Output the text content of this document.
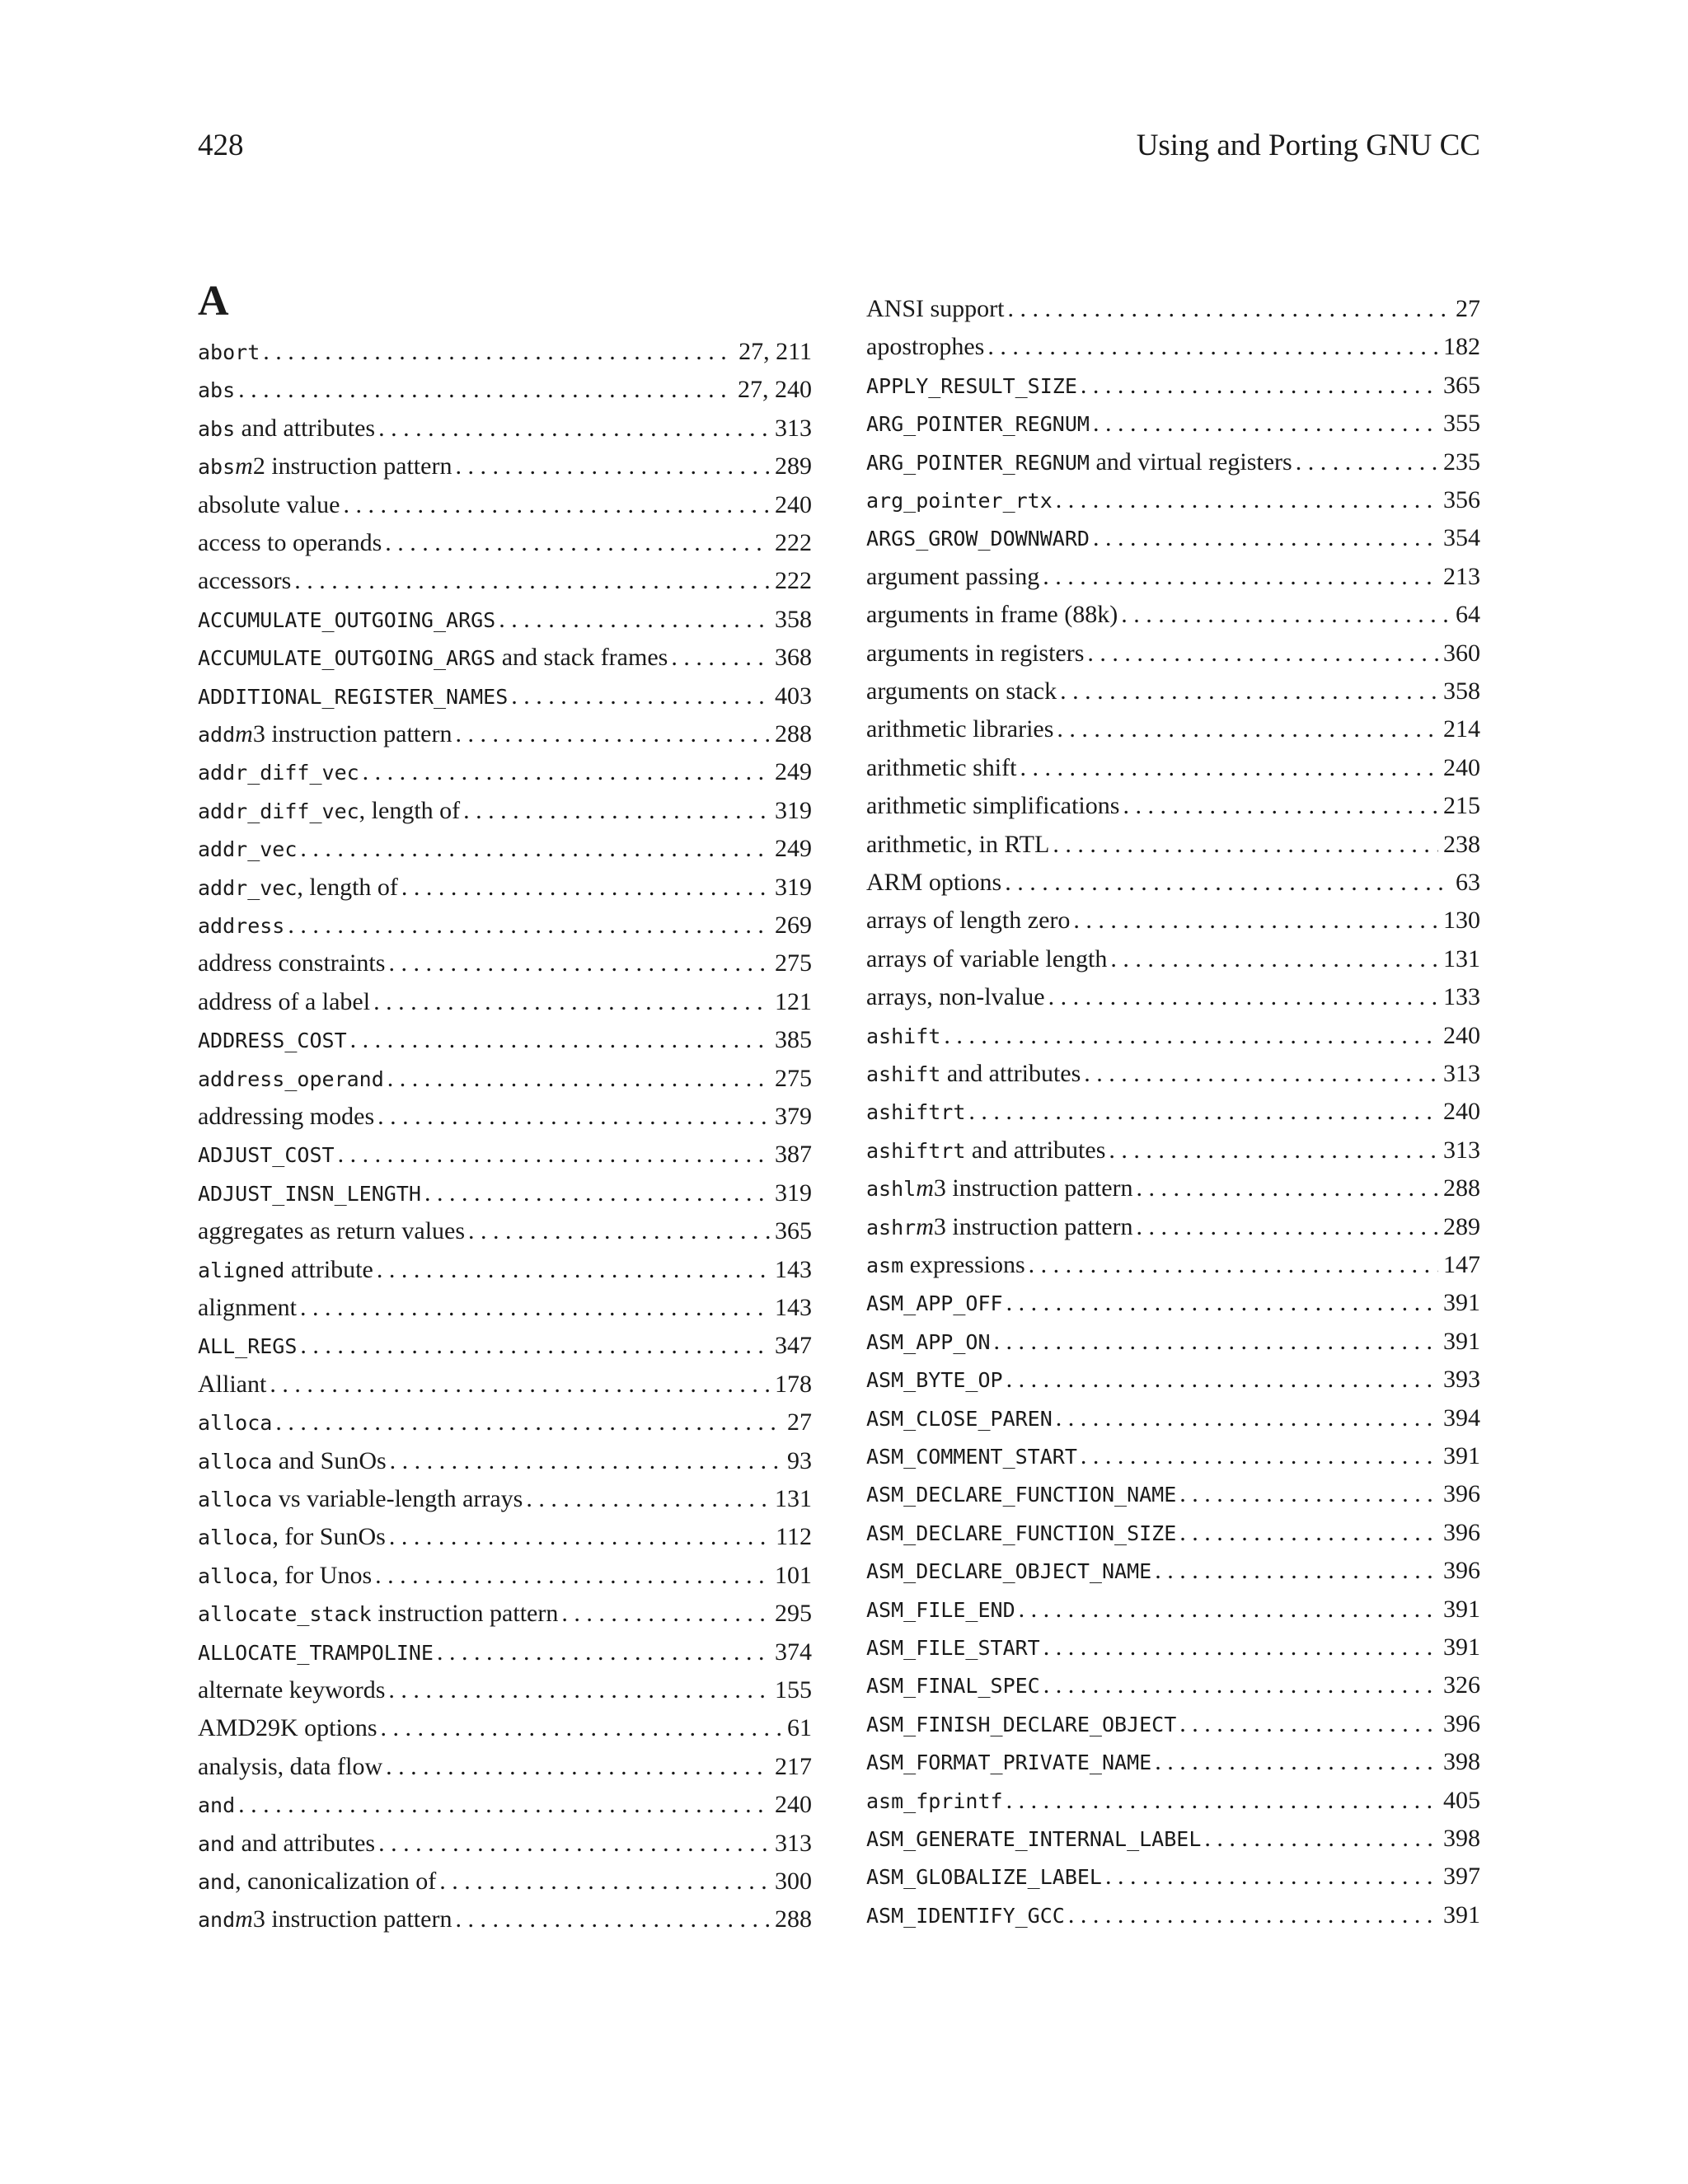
428	Using and Porting GNU CC
A
abort . . .	27, 211
abs . . .	27, 240
abs and attributes . . .	313
absm2 instruction pattern . . .	289
absolute value . . .	240
access to operands . . .	222
accessors . . .	222
ACCUMULATE_OUTGOING_ARGS . . .	358
ACCUMULATE_OUTGOING_ARGS and stack frames . . .	368
ADDITIONAL_REGISTER_NAMES . . .	403
addm3 instruction pattern . . .	288
addr_diff_vec . . .	249
addr_diff_vec, length of . . .	319
addr_vec . . .	249
addr_vec, length of . . .	319
address . . .	269
address constraints . . .	275
address of a label . . .	121
ADDRESS_COST . . .	385
address_operand . . .	275
addressing modes . . .	379
ADJUST_COST . . .	387
ADJUST_INSN_LENGTH . . .	319
aggregates as return values . . .	365
aligned attribute . . .	143
alignment . . .	143
ALL_REGS . . .	347
Alliant . . .	178
alloca . . .	27
alloca and SunOs . . .	93
alloca vs variable-length arrays . . .	131
alloca, for SunOs . . .	112
alloca, for Unos . . .	101
allocate_stack instruction pattern . . .	295
ALLOCATE_TRAMPOLINE . . .	374
alternate keywords . . .	155
AMD29K options . . .	61
analysis, data flow . . .	217
and . . .	240
and and attributes . . .	313
and, canonicalization of . . .	300
andm3 instruction pattern . . .	288
ANSI support . . .	27
apostrophes . . .	182
APPLY_RESULT_SIZE . . .	365
ARG_POINTER_REGNUM . . .	355
ARG_POINTER_REGNUM and virtual registers . . .	235
arg_pointer_rtx . . .	356
ARGS_GROW_DOWNWARD . . .	354
argument passing . . .	213
arguments in frame (88k) . . .	64
arguments in registers . . .	360
arguments on stack . . .	358
arithmetic libraries . . .	214
arithmetic shift . . .	240
arithmetic simplifications . . .	215
arithmetic, in RTL . . .	238
ARM options . . .	63
arrays of length zero . . .	130
arrays of variable length . . .	131
arrays, non-lvalue . . .	133
ashift . . .	240
ashift and attributes . . .	313
ashiftrt . . .	240
ashiftrt and attributes . . .	313
ashlm3 instruction pattern . . .	288
ashrm3 instruction pattern . . .	289
asm expressions . . .	147
ASM_APP_OFF . . .	391
ASM_APP_ON . . .	391
ASM_BYTE_OP . . .	393
ASM_CLOSE_PAREN . . .	394
ASM_COMMENT_START . . .	391
ASM_DECLARE_FUNCTION_NAME . . .	396
ASM_DECLARE_FUNCTION_SIZE . . .	396
ASM_DECLARE_OBJECT_NAME . . .	396
ASM_FILE_END . . .	391
ASM_FILE_START . . .	391
ASM_FINAL_SPEC . . .	326
ASM_FINISH_DECLARE_OBJECT . . .	396
ASM_FORMAT_PRIVATE_NAME . . .	398
asm_fprintf . . .	405
ASM_GENERATE_INTERNAL_LABEL . . .	398
ASM_GLOBALIZE_LABEL . . .	397
ASM_IDENTIFY_GCC . . .	391
